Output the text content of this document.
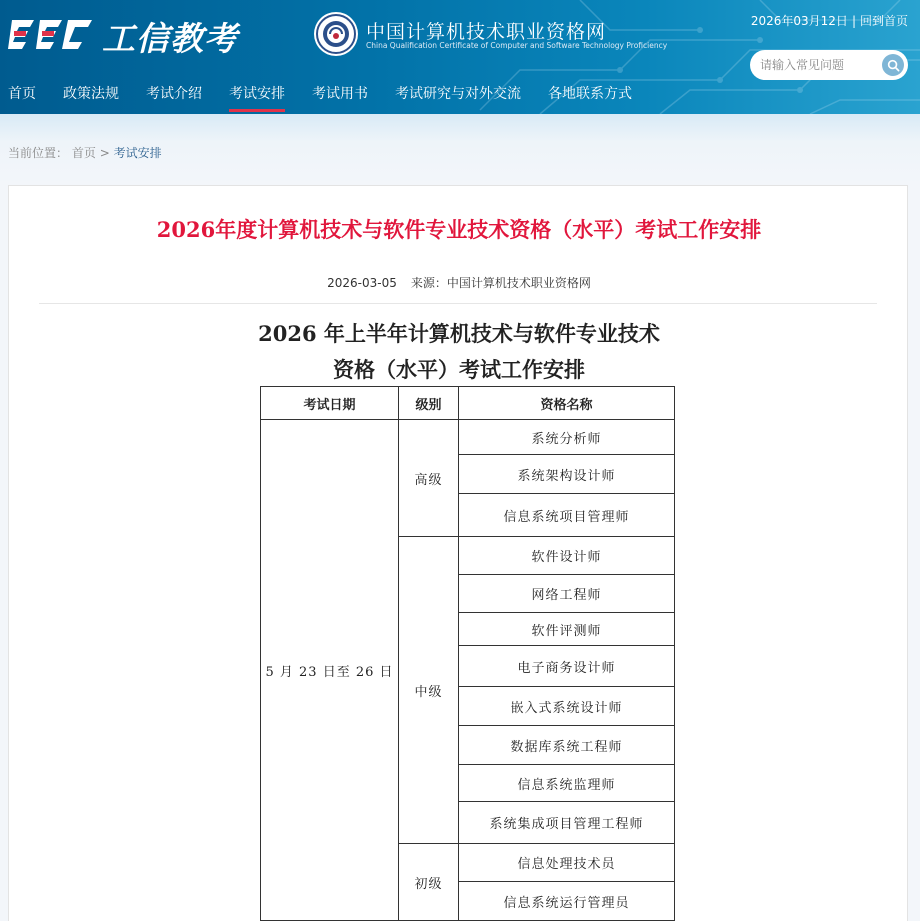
工信教考	中国计算机技术职业资格网
China Qualification Certificate of Computer and Software Technology Proficiency
2026年03月12日 | 回到首页
请输入常见问题
首页 政策法规 考试介绍 考试安排 考试用书 考试研究与对外交流 各地联系方式
当前位置： 首页 > 考试安排
2026年度计算机技术与软件专业技术资格（水平）考试工作安排
2026-03-05 来源：中国计算机技术职业资格网
2026 年上半年计算机技术与软件专业技术
资格（水平）考试工作安排
考试日期	级别	资格名称
5 月 23 日至 26 日	高级	系统分析师
		系统架构设计师
		信息系统项目管理师
	中级	软件设计师
		网络工程师
		软件评测师
		电子商务设计师
		嵌入式系统设计师
		数据库系统工程师
		信息系统监理师
		系统集成项目管理工程师
	初级	信息处理技术员
		信息系统运行管理员
